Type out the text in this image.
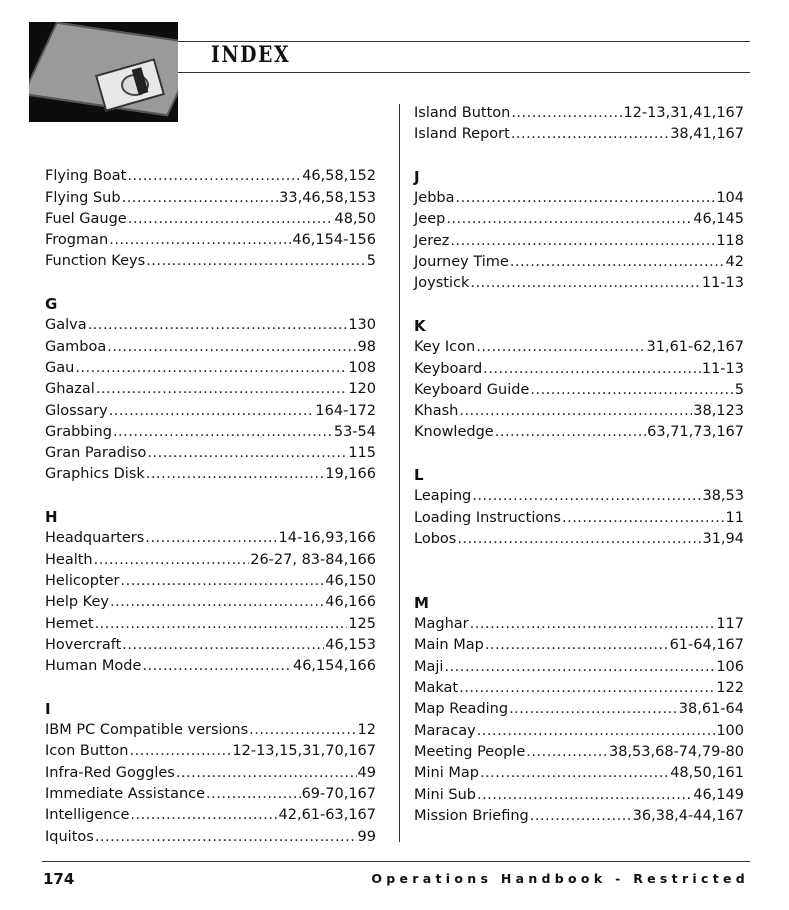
INDEX
Flying Boat .....	46,58,152
Flying Sub .....	33,46,58,153
Fuel Gauge .....	48,50
Frogman .....	46,154-156
Function Keys .....	5
G
Galva .....	130
Gamboa .....	98
Gau .....	108
Ghazal .....	120
Glossary .....	164-172
Grabbing .....	53-54
Gran Paradiso .....	115
Graphics Disk .....	19,166
H
Headquarters .....	14-16,93,166
Health .....	26-27, 83-84,166
Helicopter .....	46,150
Help Key .....	46,166
Hemet .....	125
Hovercraft .....	46,153
Human Mode .....	46,154,166
I
IBM PC Compatible versions .....	12
Icon Button .....	12-13,15,31,70,167
Infra-Red Goggles .....	49
Immediate Assistance .....	69-70,167
Intelligence .....	42,61-63,167
Iquitos .....	99
Island Button .....	12-13,31,41,167
Island Report .....	38,41,167
J
Jebba .....	104
Jeep .....	46,145
Jerez .....	118
Journey Time .....	42
Joystick .....	11-13
K
Key Icon .....	31,61-62,167
Keyboard .....	11-13
Keyboard Guide .....	5
Khash .....	38,123
Knowledge .....	63,71,73,167
L
Leaping .....	38,53
Loading Instructions .....	11
Lobos .....	31,94
M
Maghar .....	117
Main Map .....	61-64,167
Maji .....	106
Makat .....	122
Map Reading .....	38,61-64
Maracay .....	100
Meeting People .....	38,53,68-74,79-80
Mini Map .....	48,50,161
Mini Sub .....	46,149
Mission Briefing .....	36,38,4-44,167
174	Operations Handbook - Restricted
